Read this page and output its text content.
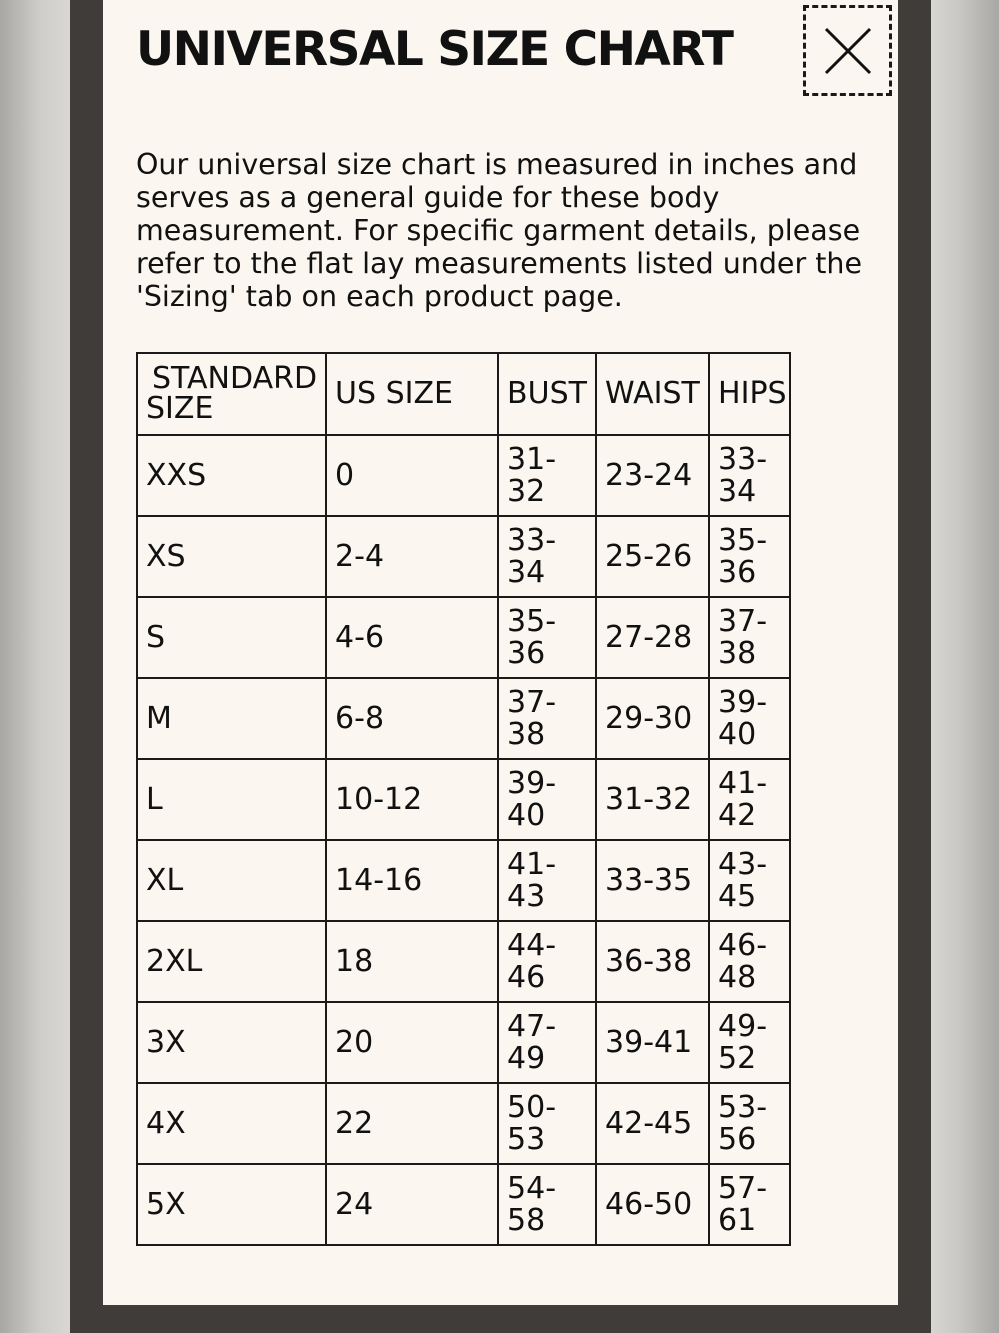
UNIVERSAL SIZE CHART

Our universal size chart is measured in inches and serves as a general guide for these body measurement. For specific garment details, please refer to the flat lay measurements listed under the 'Sizing' tab on each product page.

STANDARD
SIZE	US SIZE	BUST	WAIST	HIPS
XXS	0	31-32	23-24	33-34
XS	2-4	33-34	25-26	35-36
S	4-6	35-36	27-28	37-38
M	6-8	37-38	29-30	39-40
L	10-12	39-40	31-32	41-42
XL	14-16	41-43	33-35	43-45
2XL	18	44-46	36-38	46-48
3X	20	47-49	39-41	49-52
4X	22	50-53	42-45	53-56
5X	24	54-58	46-50	57-61
